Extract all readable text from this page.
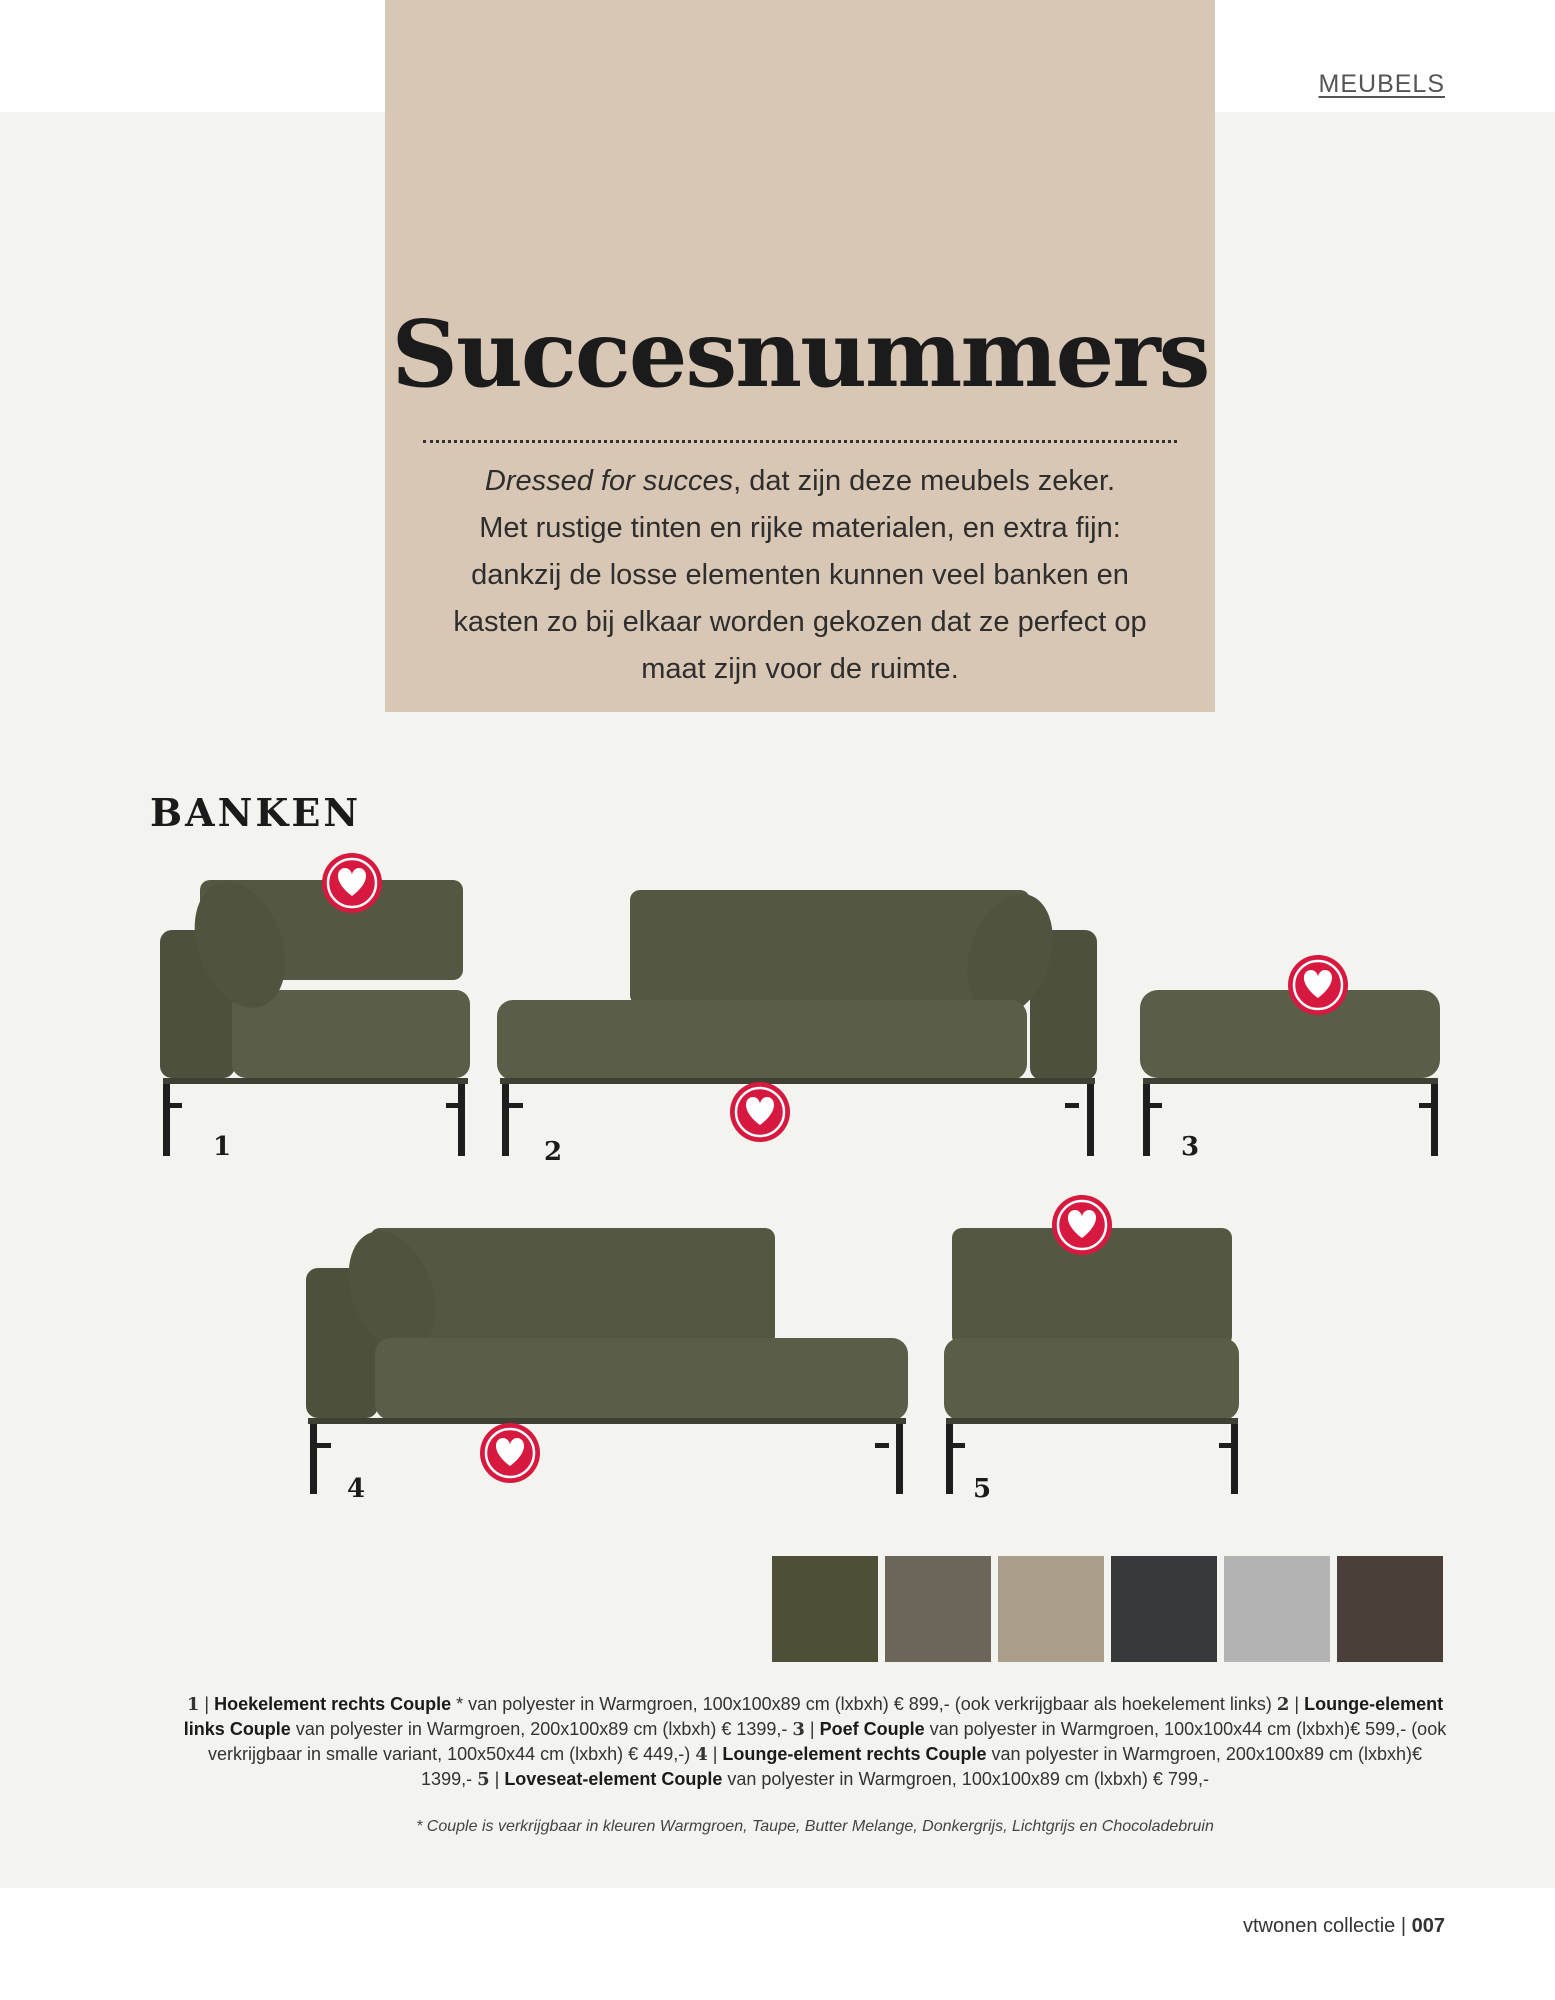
MEUBELS
Succesnummers
Dressed for succes, dat zijn deze meubels zeker.
Met rustige tinten en rijke materialen, en extra fijn:
dankzij de losse elementen kunnen veel banken en
kasten zo bij elkaar worden gekozen dat ze perfect op
maat zijn voor de ruimte.
BANKEN
1	2	3
4	5
1 | Hoekelement rechts Couple * van polyester in Warmgroen, 100x100x89 cm (lxbxh) € 899,- (ook verkrijgbaar als hoekelement links) 2 | Lounge-element links Couple van polyester in Warmgroen, 200x100x89 cm (lxbxh) € 1399,- 3 | Poef Couple van polyester in Warmgroen, 100x100x44 cm (lxbxh)€ 599,- (ook verkrijgbaar in smalle variant, 100x50x44 cm (lxbxh) € 449,-) 4 | Lounge-element rechts Couple van polyester in Warmgroen, 200x100x89 cm (lxbxh)€ 1399,- 5 | Loveseat-element Couple van polyester in Warmgroen, 100x100x89 cm (lxbxh) € 799,-
* Couple is verkrijgbaar in kleuren Warmgroen, Taupe, Butter Melange, Donkergrijs, Lichtgrijs en Chocoladebruin
vtwonen collectie | 007
